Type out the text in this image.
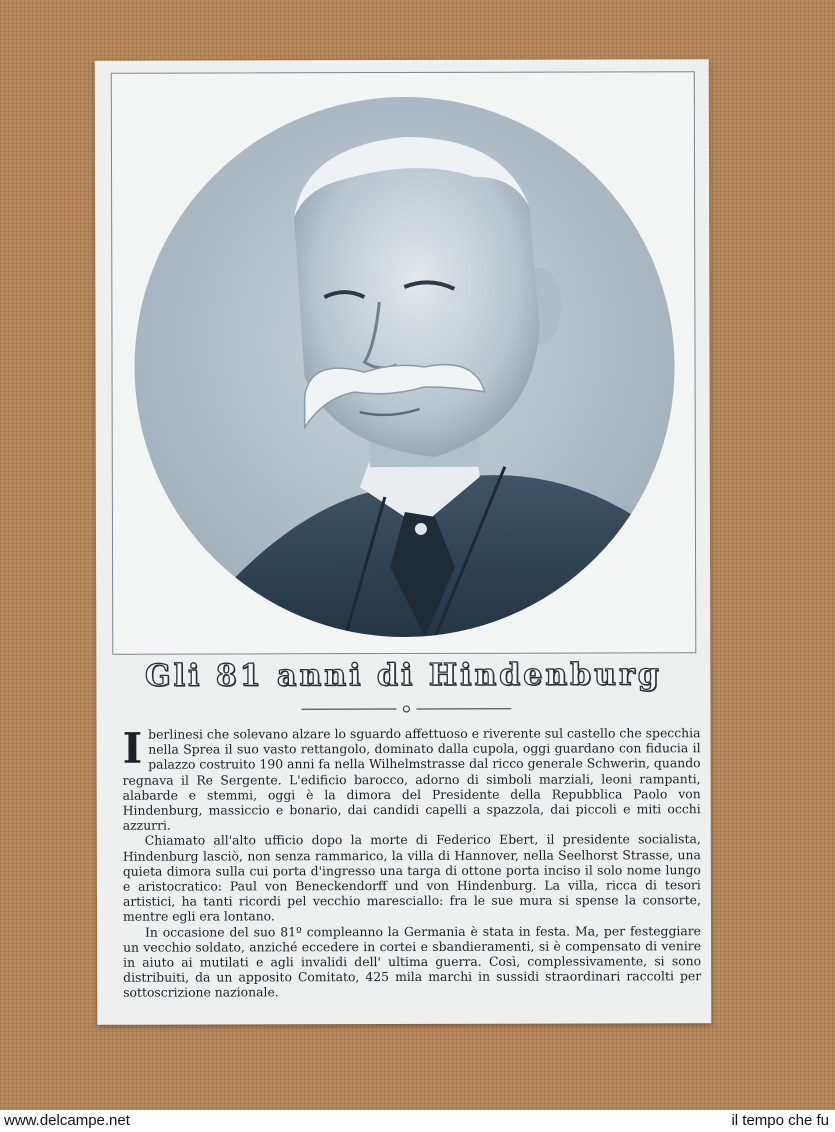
Gli 81 anni di Hindenburg

I berlinesi che solevano alzare lo sguardo affettuoso e riverente sul castello che specchia nella Sprea il suo vasto rettangolo, dominato dalla cupola, oggi guardano con fiducia il palazzo costruito 190 anni fa nella Wilhelmstrasse dal ricco generale Schwerin, quando regnava il Re Sergente. L'edificio barocco, adorno di simboli marziali, leoni rampanti, alabarde e stemmi, oggi è la dimora del Presidente della Repubblica Paolo von Hindenburg, massiccio e bonario, dai candidi capelli a spazzola, dai piccoli e miti occhi azzurri.

Chiamato all'alto ufficio dopo la morte di Federico Ebert, il presidente socialista, Hindenburg lasciò, non senza rammarico, la villa di Hannover, nella Seelhorst Strasse, una quieta dimora sulla cui porta d'ingresso una targa di ottone porta inciso il solo nome lungo e aristocratico: Paul von Beneckendorff und von Hindenburg. La villa, ricca di tesori artistici, ha tanti ricordi pel vecchio maresciallo: fra le sue mura si spense la consorte, mentre egli era lontano.

In occasione del suo 81º compleanno la Germania è stata in festa. Ma, per festeggiare un vecchio soldato, anziché eccedere in cortei e sbandieramenti, si è compensato di venire in aiuto ai mutilati e agli invalidi dell' ultima guerra. Così, complessivamente, si sono distribuiti, da un apposito Comitato, 425 mila marchi in sussidi straordinari raccolti per sottoscrizione nazionale.

www.delcampe.net	il tempo che fu
